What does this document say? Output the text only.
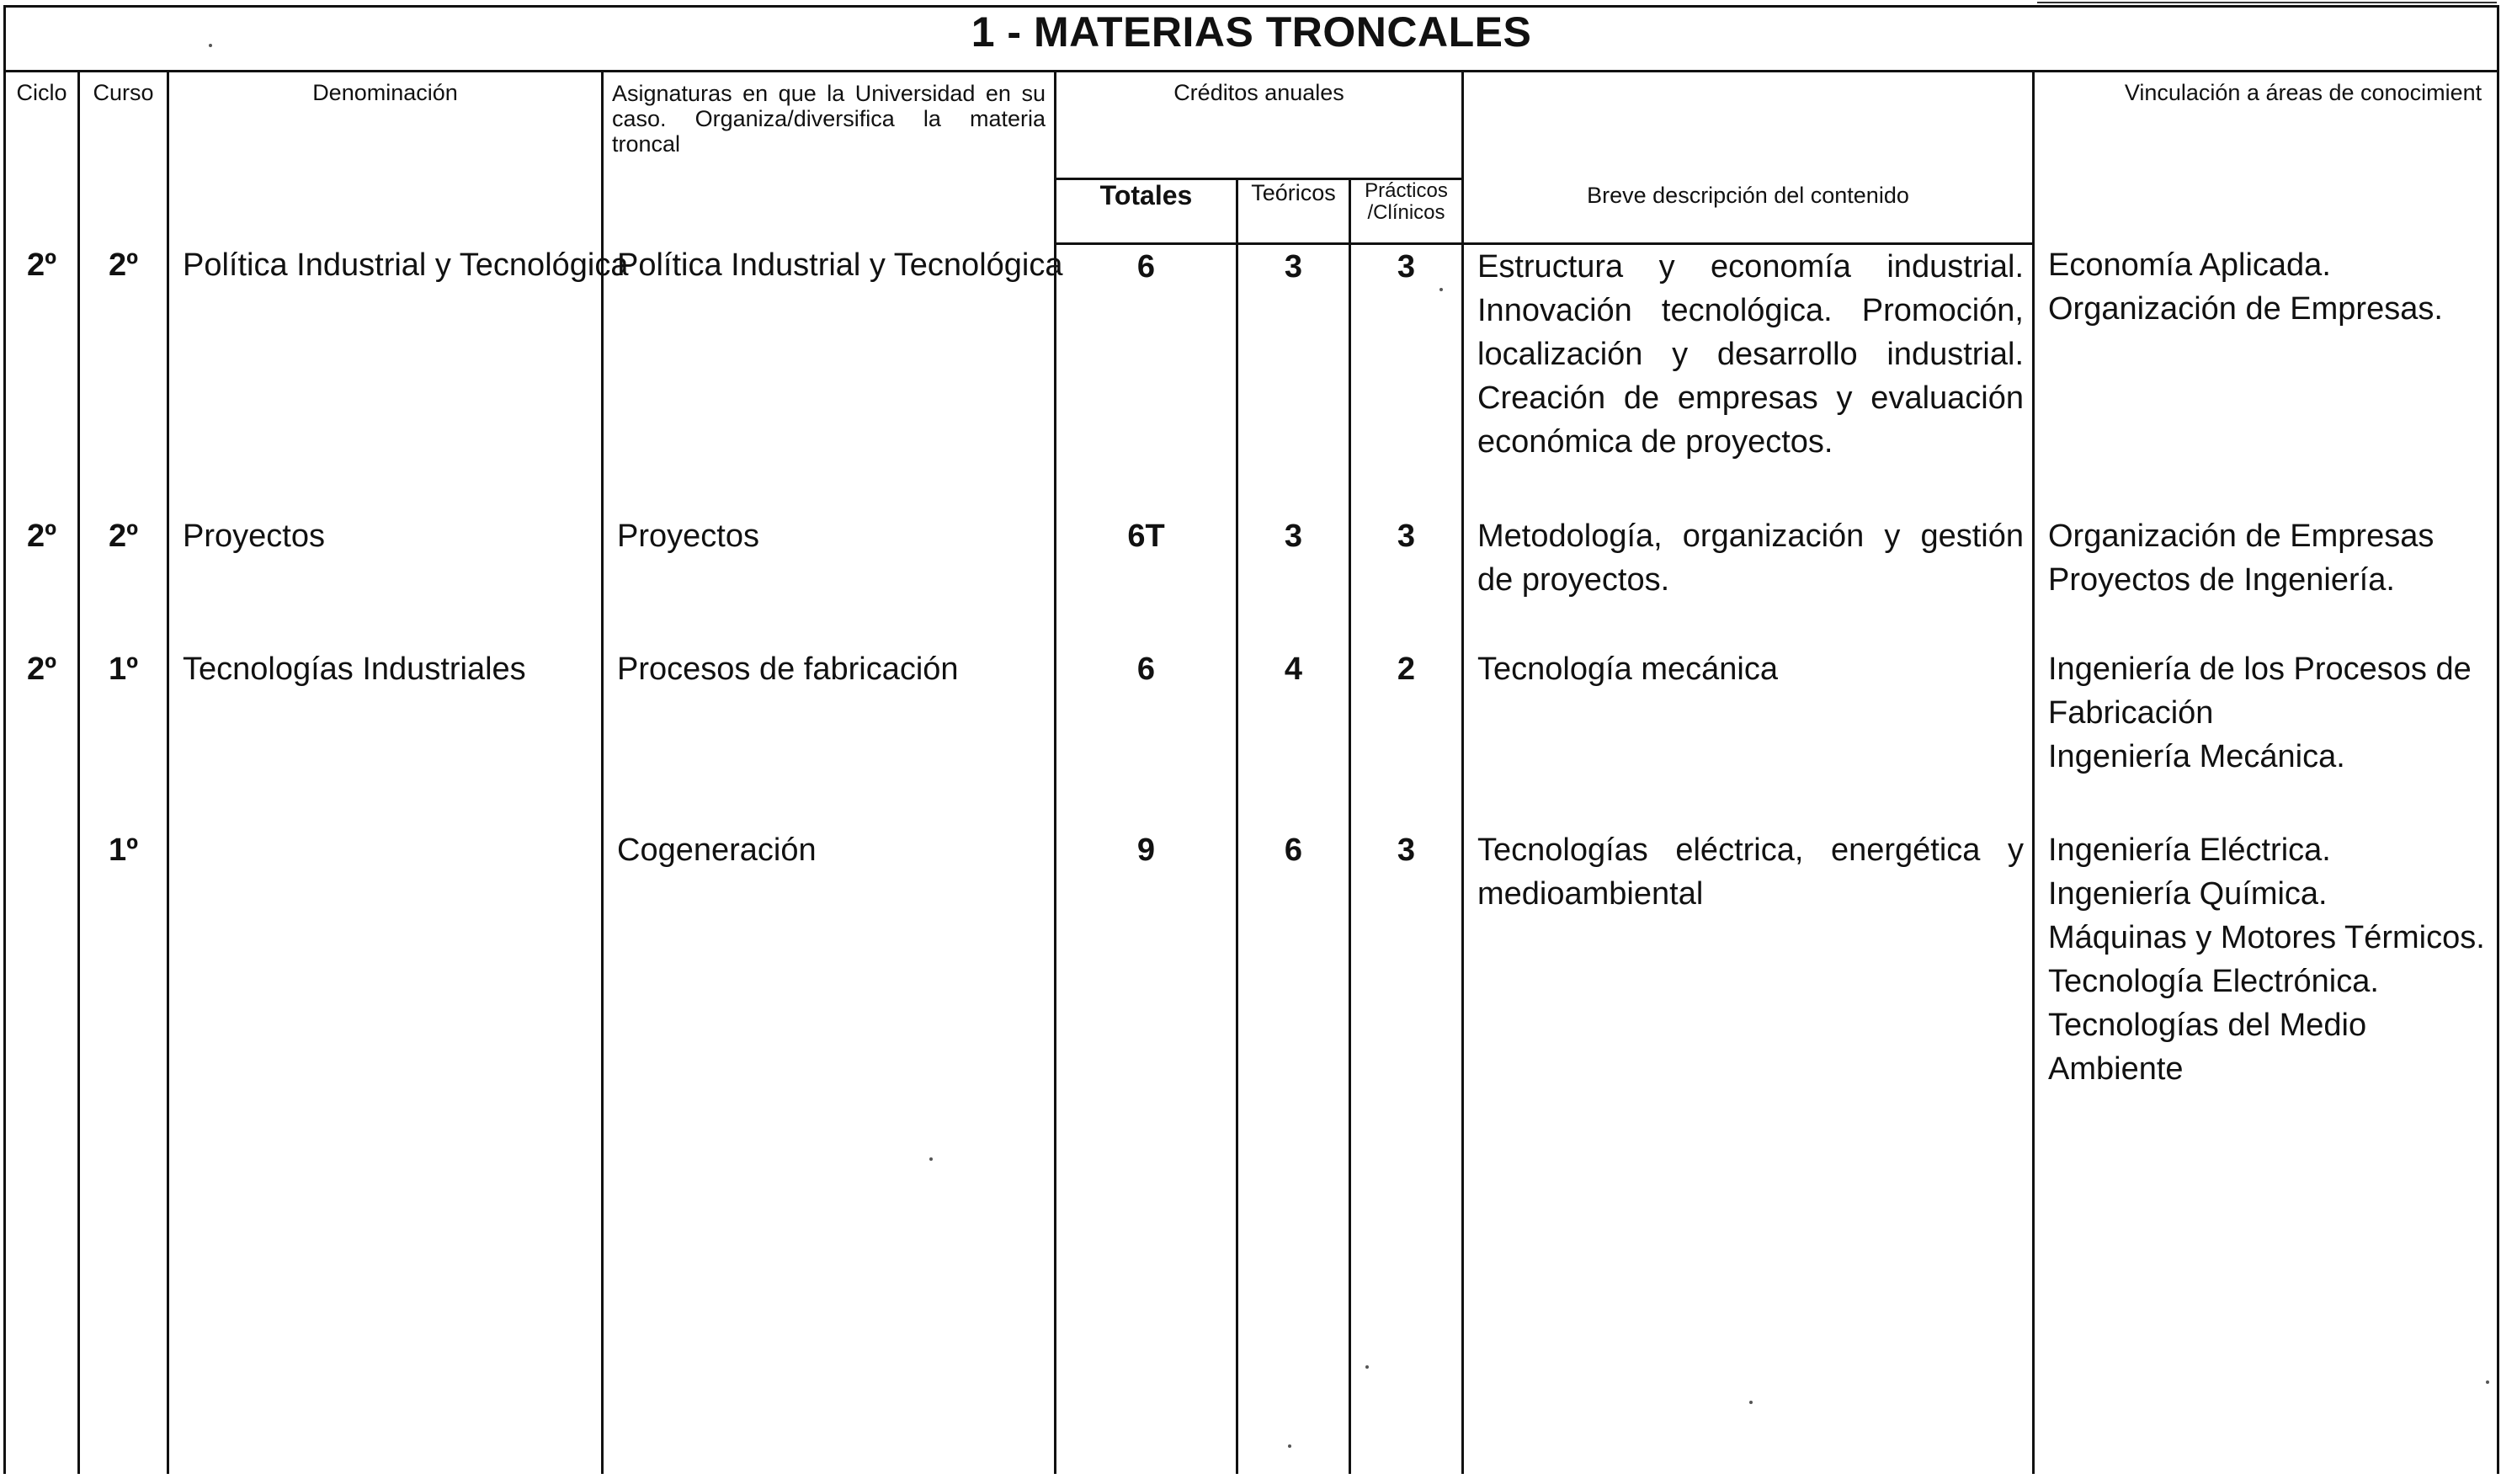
1 - MATERIAS TRONCALES								
Ciclo	Curso	Denominación	Asignaturas en que la Universidad en su caso. Organiza/diversifica la materia troncal	Créditos anuales			Breve descripción del contenido	Vinculación a áreas de conocimient
				Totales	Teóricos	Prácticos /Clínicos		
2º	2º	Política Industrial y Tecnológica	Política Industrial y Tecnológica	6	3	3	Estructura y economía industrial. Innovación tecnológica. Promoción, localización y desarrollo industrial. Creación de empresas y evaluación económica de proyectos.	Economía Aplicada.
Organización de Empresas.

2º	2º	Proyectos	Proyectos	6T	3	3	Metodología, organización y gestión de proyectos.	Organización de Empresas
Proyectos de Ingeniería.

2º	1º	Tecnologías Industriales	Procesos de fabricación	6	4	2	Tecnología mecánica	Ingeniería de los Procesos de Fabricación
Ingeniería Mecánica.

	1º		Cogeneración	9	6	3	Tecnologías eléctrica, energética y medioambiental	Ingeniería Eléctrica.
Ingeniería Química.
Máquinas y Motores Térmicos.
Tecnología Electrónica.
Tecnologías del Medio Ambiente
